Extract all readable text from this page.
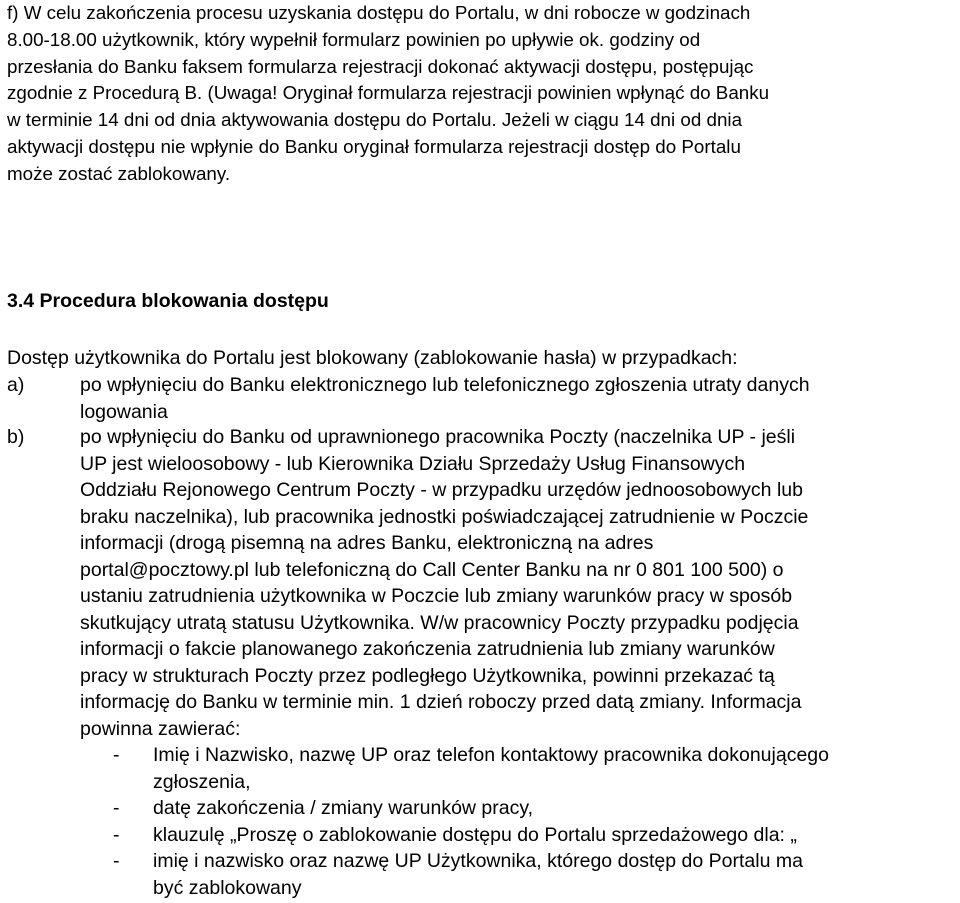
f) W celu zakończenia procesu uzyskania dostępu do Portalu, w dni robocze w godzinach
8.00-18.00 użytkownik, który wypełnił formularz powinien po upływie ok. godziny od
przesłania do Banku faksem formularza rejestracji dokonać aktywacji dostępu, postępując
zgodnie z Procedurą B. (Uwaga! Oryginał formularza rejestracji powinien wpłynąć do Banku
w terminie 14 dni od dnia aktywowania dostępu do Portalu. Jeżeli w ciągu 14 dni od dnia
aktywacji dostępu nie wpłynie do Banku oryginał formularza rejestracji dostęp do Portalu
może zostać zablokowany.
3.4 Procedura blokowania dostępu

Dostęp użytkownika do Portalu jest blokowany (zablokowanie hasła) w przypadkach:

a)	po wpłynięciu do Banku elektronicznego lub telefonicznego zgłoszenia utraty danych
logowania
b)	po wpłynięciu do Banku od uprawnionego pracownika Poczty (naczelnika UP - jeśli
UP jest wieloosobowy - lub Kierownika Działu Sprzedaży Usług Finansowych
Oddziału Rejonowego Centrum Poczty - w przypadku urzędów jednoosobowych lub
braku naczelnika), lub pracownika jednostki poświadczającej zatrudnienie w Poczcie
informacji (drogą pisemną na adres Banku, elektroniczną na adres
portal@pocztowy.pl lub telefoniczną do Call Center Banku na nr 0 801 100 500) o
ustaniu zatrudnienia użytkownika w Poczcie lub zmiany warunków pracy w sposób
skutkujący utratą statusu Użytkownika. W/w pracownicy Poczty przypadku podjęcia
informacji o fakcie planowanego zakończenia zatrudnienia lub zmiany warunków
pracy w strukturach Poczty przez podległego Użytkownika, powinni przekazać tą
informację do Banku w terminie min. 1 dzień roboczy przed datą zmiany. Informacja
powinna zawierać:
- Imię i Nazwisko, nazwę UP oraz telefon kontaktowy pracownika dokonującego
zgłoszenia,
- datę zakończenia / zmiany warunków pracy,
- klauzulę „Proszę o zablokowanie dostępu do Portalu sprzedażowego dla: „
- imię i nazwisko oraz nazwę UP Użytkownika, którego dostęp do Portalu ma
być zablokowany
